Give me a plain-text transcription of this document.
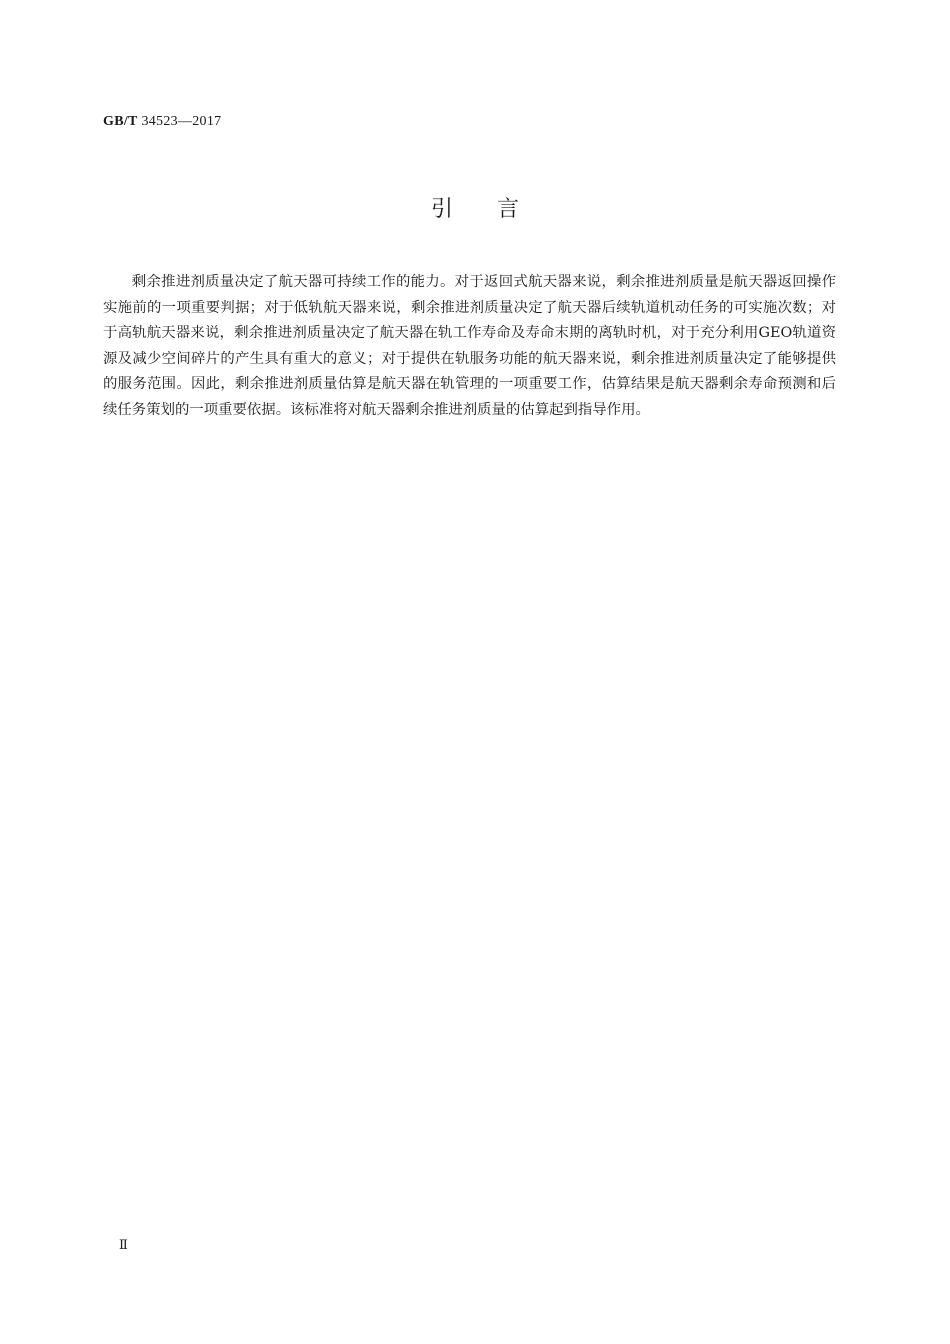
GB/T 34523—2017
引言

剩余推进剂质量决定了航天器可持续工作的能力。对于返回式航天器来说，剩余推进剂质量是航天器返回操作实施前的一项重要判据；对于低轨航天器来说，剩余推进剂质量决定了航天器后续轨道机动任务的可实施次数；对于高轨航天器来说，剩余推进剂质量决定了航天器在轨工作寿命及寿命末期的离轨时机，对于充分利用GEO轨道资源及减少空间碎片的产生具有重大的意义；对于提供在轨服务功能的航天器来说，剩余推进剂质量决定了能够提供的服务范围。因此，剩余推进剂质量估算是航天器在轨管理的一项重要工作，估算结果是航天器剩余寿命预测和后续任务策划的一项重要依据。该标准将对航天器剩余推进剂质量的估算起到指导作用。

Ⅱ
